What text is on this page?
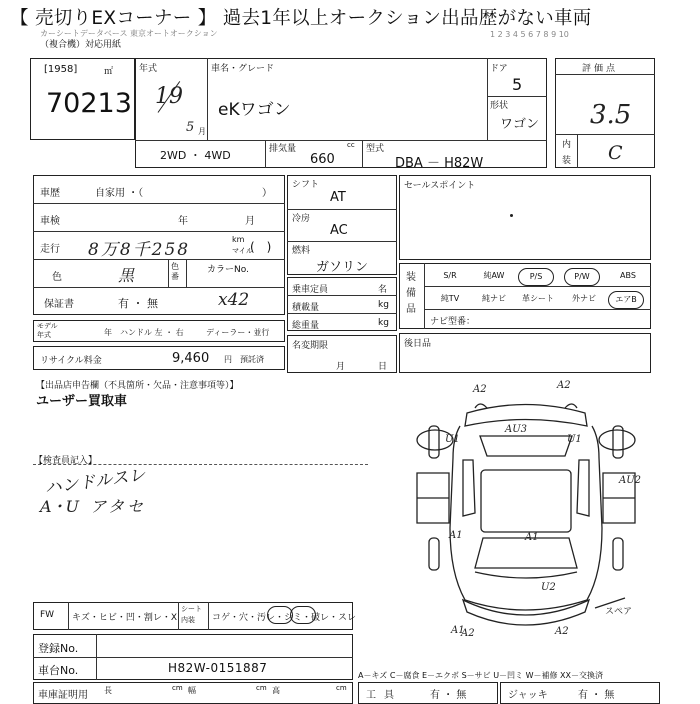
【 売切りEXコーナー 】 過去1年以上オークション出品歴がない車両
カーシートデータベース 東京オートオークション
（複合機）対応用紙
1 2 3 4 5 6 7 8 9 10
[1958]	㎡
70213
年式
19
5 月
車名・グレード
eKワゴン
ドア
5
形状
ワゴン
2WD ・ 4WD	排気量	cc
660
型式
DBA － H82W
評価点
3.5
内
装 C
車歴	自家用 ・（	）
車検	年	月
走行 8万8千258
km
マイル
(　)
色	黒	色番
カラーNo.
保証書	有 ・ 無	x42
モデル年式	年 ハンドル 左 ・ 右	ディーラー・並行
リサイクル料金	9,460 円 預託済
シフト
AT
冷房
AC
燃料
ガソリン
乗車定員	名
積載量	kg
総重量	kg
名変期限
月	日
セールスポイント
装備品
ナビ型番：
S/R	純AW	P/S	P/W	ABS
純TV	純ナビ	革シート	外ナビ	エアB
後日品
【出品店申告欄（不具箇所・欠品・注意事項等）】
ユーザー買取車
【検査員記入】
ハンドルスレ
A･U アタセ
A2	A2
AU3
U1	U1
AU2
A1	A1
U2
A2	A2
A1
スペア
FW キズ・ヒビ・凹・割レ・X
シート内装	コゲ・穴・汚レ・シミ・破レ・スレ
登録No.
車台No.	H82W-0151887
A－キズ C－腐食 E－エクボ S－サビ U－凹ミ W－補修 XX－交換済
車庫証明用 長	cm 幅	cm 高	cm
工具	有 ・ 無	ジャッキ	有 ・ 無
